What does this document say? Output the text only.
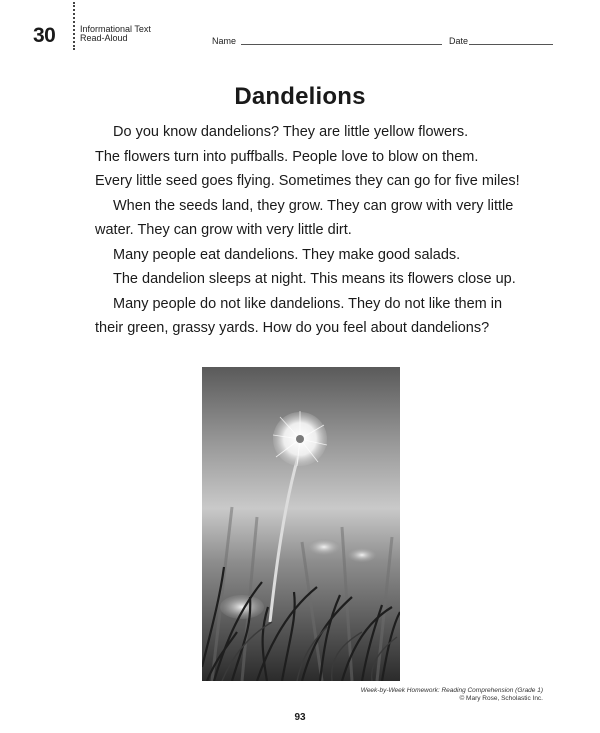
30	Informational Text
Read-Aloud	Name	Date
Dandelions

Do you know dandelions? They are little yellow flowers.

The flowers turn into puffballs. People love to blow on them.

Every little seed goes flying. Sometimes they can go for five miles!

When the seeds land, they grow. They can grow with very little

water. They can grow with very little dirt.

Many people eat dandelions. They make good salads.

The dandelion sleeps at night. This means its flowers close up.

Many people do not like dandelions. They do not like them in

their green, grassy yards. How do you feel about dandelions?

Week-by-Week Homework: Reading Comprehension (Grade 1)
© Mary Rose, Scholastic Inc.
93
